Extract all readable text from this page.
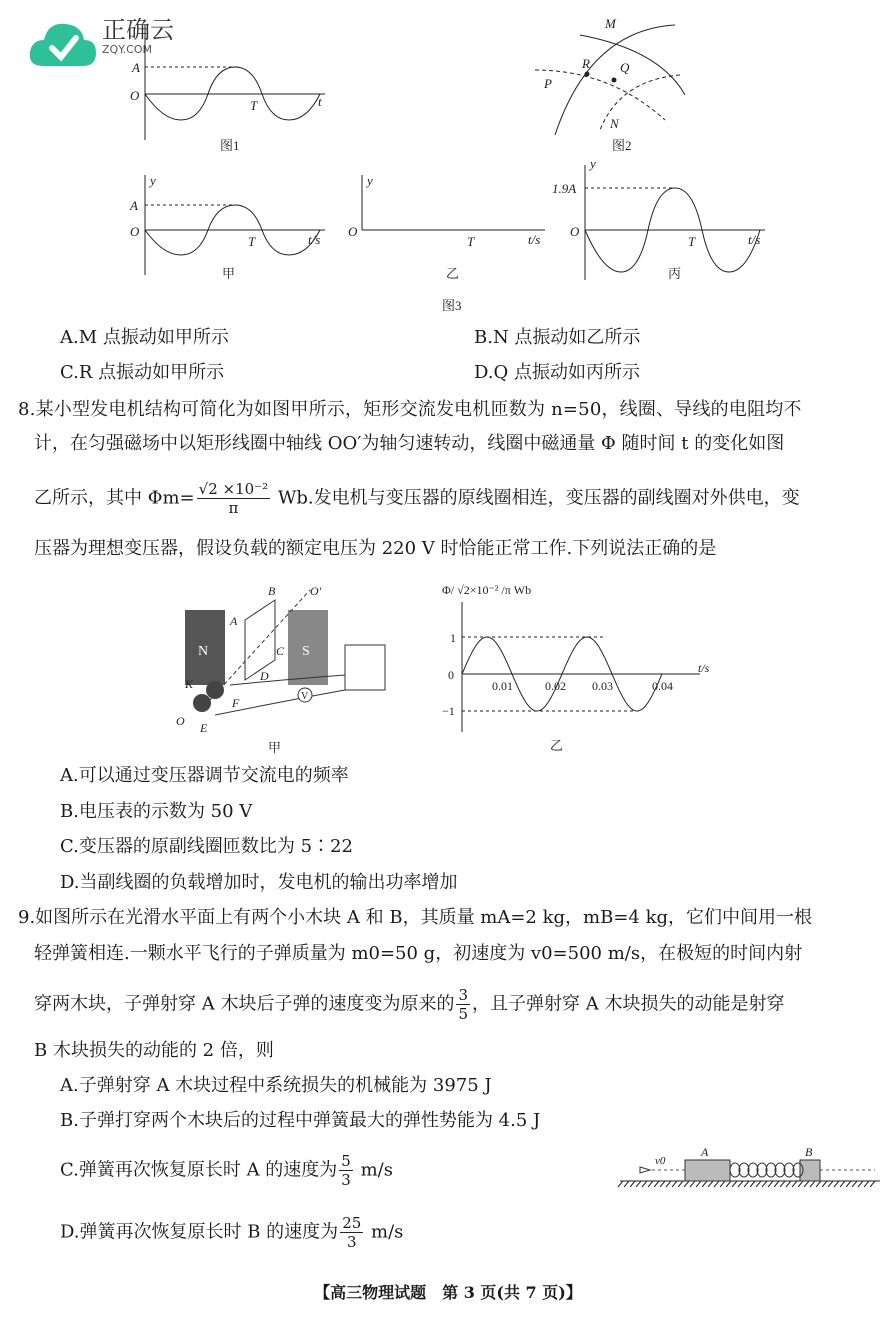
正确云
ZQY.COM
A
O
T	t
图1
M
R Q
P
N
图2
y
A
O
T	t/s
甲
y
O
T	t/s
乙
y
1.9A
O
T	t/s
丙
图3
A.M 点振动如甲所示	B.N 点振动如乙所示
C.R 点振动如甲所示	D.Q 点振动如丙所示
8.某小型发电机结构可简化为如图甲所示，矩形交流发电机匝数为 n=50，线圈、导线的电阻均不
计，在匀强磁场中以矩形线圈中轴线 OO′为轴匀速转动，线圈中磁通量 Φ 随时间 t 的变化如图
乙所示，其中 $\Phi m= \frac{\text{√2 ×10⁻²}}{\pi} Wb$.发电机与变压器的原线圈相连，变压器的副线圈对外供电，变
压器为理想变压器，假设负载的额定电压为 220 V 时恰能正常工作.下列说法正确的是
N	S
V
A
B	O′
C
D
K
F
O E
甲
Φ/ √2×10⁻² /π Wb
1
0
−1
0.01	0.02 0.03	0.04
t/s
乙
A.可以通过变压器调节交流电的频率
B.电压表的示数为 50 V
C.变压器的原副线圈匝数比为 5∶22
D.当副线圈的负载增加时，发电机的输出功率增加
9.如图所示在光滑水平面上有两个小木块 A 和 B，其质量 mA=2 kg，mB=4 kg，它们中间用一根
轻弹簧相连.一颗水平飞行的子弹质量为 m0=50 g，初速度为 v0=500 m/s，在极短的时间内射
穿两木块，子弹射穿 A 木块后子弹的速度变为原来的 $\frac{3}{5}$ ，且子弹射穿 A 木块损失的动能是射穿
B 木块损失的动能的 2 倍，则
A.子弹射穿 A 木块过程中系统损失的机械能为 3975 J
B.子弹打穿两个木块后的过程中弹簧最大的弹性势能为 4.5 J
C.弹簧再次恢复原长时 A 的速度为 $\frac{5}{3} m/s$
D.弹簧再次恢复原长时 B 的速度为 $\frac{25}{3} m/s$
v0
A	B
【高三物理试题　第 3 页(共 7 页)】
